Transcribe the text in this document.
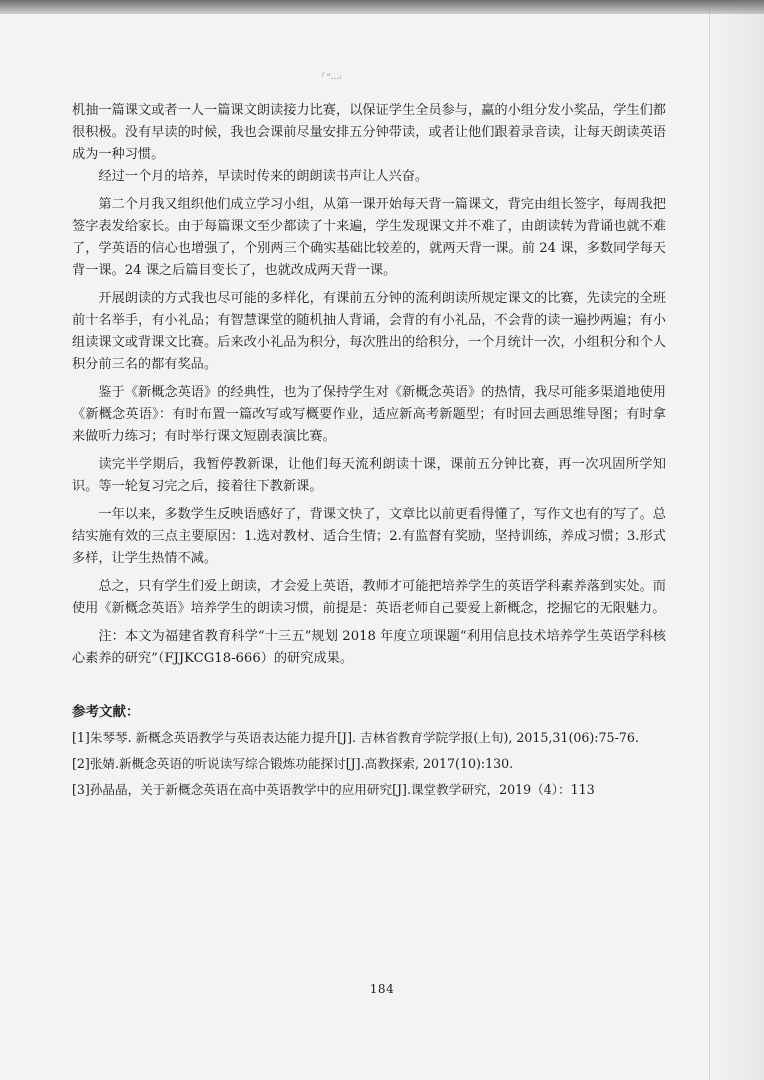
ᶠ ᵃ…ᵢ

机抽一篇课文或者一人一篇课文朗读接力比赛，以保证学生全员参与，赢的小组分发小奖品，学生们都很积极。没有早读的时候，我也会课前尽量安排五分钟带读，或者让他们跟着录音读，让每天朗读英语成为一种习惯。

经过一个月的培养，早读时传来的朗朗读书声让人兴奋。

第二个月我又组织他们成立学习小组，从第一课开始每天背一篇课文，背完由组长签字，每周我把签字表发给家长。由于每篇课文至少都读了十来遍，学生发现课文并不难了，由朗读转为背诵也就不难了，学英语的信心也增强了，个别两三个确实基础比较差的，就两天背一课。前 24 课，多数同学每天背一课。24 课之后篇目变长了，也就改成两天背一课。

开展朗读的方式我也尽可能的多样化，有课前五分钟的流利朗读所规定课文的比赛，先读完的全班前十名举手，有小礼品；有智慧课堂的随机抽人背诵，会背的有小礼品，不会背的读一遍抄两遍；有小组读课文或背课文比赛。后来改小礼品为积分，每次胜出的给积分，一个月统计一次，小组积分和个人积分前三名的都有奖品。

鉴于《新概念英语》的经典性，也为了保持学生对《新概念英语》的热情，我尽可能多渠道地使用《新概念英语》：有时布置一篇改写或写概要作业，适应新高考新题型；有时回去画思维导图；有时拿来做听力练习；有时举行课文短剧表演比赛。

读完半学期后，我暂停教新课，让他们每天流利朗读十课，课前五分钟比赛，再一次巩固所学知识。等一轮复习完之后，接着往下教新课。

一年以来，多数学生反映语感好了，背课文快了，文章比以前更看得懂了，写作文也有的写了。总结实施有效的三点主要原因：1.选对教材、适合生情；2.有监督有奖励，坚持训练，养成习惯；3.形式多样，让学生热情不减。

总之，只有学生们爱上朗读，才会爱上英语，教师才可能把培养学生的英语学科素养落到实处。而使用《新概念英语》培养学生的朗读习惯，前提是：英语老师自己要爱上新概念，挖掘它的无限魅力。

注：本文为福建省教育科学“十三五”规划 2018 年度立项课题“利用信息技术培养学生英语学科核心素养的研究”（FJJKCG18-666）的研究成果。

参考文献：

[1]朱琴琴. 新概念英语教学与英语表达能力提升[J]. 吉林省教育学院学报(上旬), 2015,31(06):75-76.

[2]张婧.新概念英语的听说读写综合锻炼功能探讨[J].高教探索, 2017(10):130.

[3]孙晶晶，关于新概念英语在高中英语教学中的应用研究[J].课堂教学研究，2019（4）：113

184
